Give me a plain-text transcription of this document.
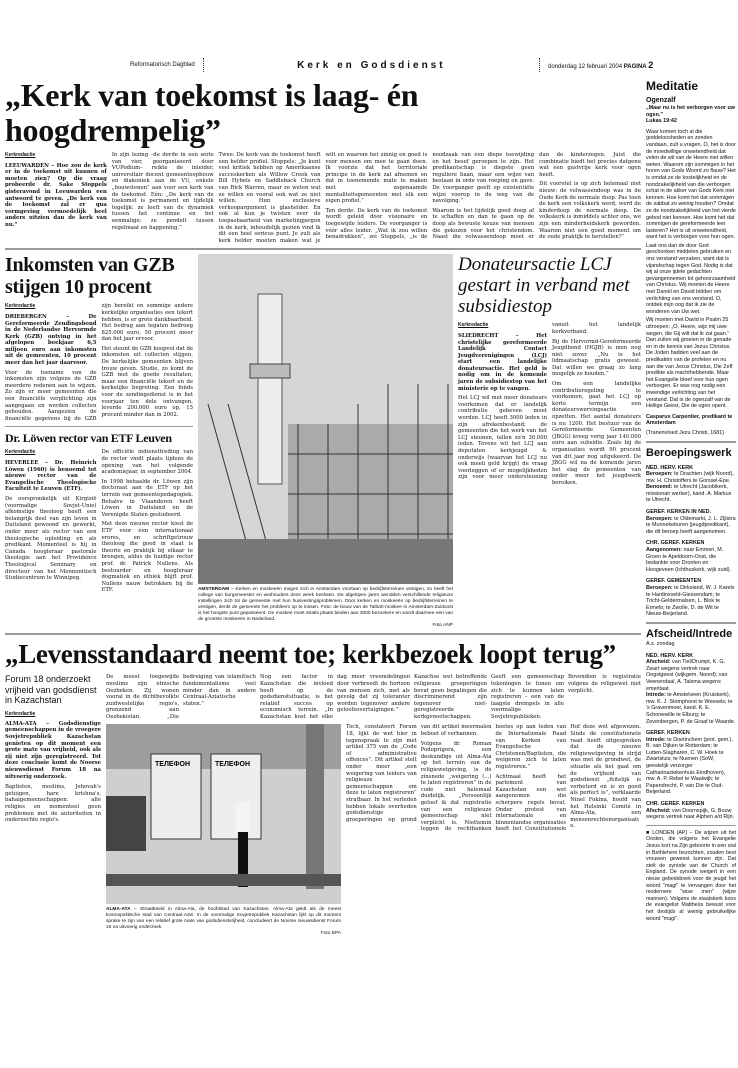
Reformatorisch Dagblad	Kerk en Godsdienst	donderdag 12 februari 2004 PAGINA 2
„Kerk van toekomst is laag- én hoogdrempelig”
Kerkredactie

LEEUWARDEN – Hoe zou de kerk er in de toekomst uit kunnen of moeten zien? Op die vraag probeerde dr. Sake Stoppels gisteravond in Leeuwarden een antwoord te geven. „De kerk van de toekomst zal er qua vormgeving vermoedelijk heel anders uitzien dan de kerk van nu.”

In zijn lezing –de derde in een serie van vier, georganiseerd door VUPodium– reikte de inleider, universitair docent gemeenteopbouw en diakoniek aan de VU, enkele „bouwstenen” aan voor een kerk van de toekomst. Eén: „De kerk van de toekomst is permanent en tijdelijk tegelijk: ze leeft van de dynamiek tussen het continue en het eenmalige; ze pendelt tussen regelmaat en happening.”

Twee: De kerk van de toekomst heeft een helder profiel. Stoppels: „Je kunt veel kritiek hebben op Amerikaanse succeskerken als Willow Creek van Bill Hybels en Saddleback Church van Rick Warren, maar ze weten wat ze willen en vooral ook wat ze niet willen. Hun exclusieve verkoopargument is glashelder. En ook al kun je twisten over de toepasbaarheid van marketingjargon in de kerk, inhoudelijk gezien vind ik dit een heel serieus punt. Je zult als kerk helder moeten maken wat je wilt en waarom het zinnig en goed is voor mensen om mee te gaan doen. Ik voorzie dat het territoriale principe in de kerk zal afnemen en dat in toenemende mate te maken met zogenaamde mentaliteitsgemeenten met elk een eigen profiel.”

Ten derde: De kerk van de toekomst wordt geleid door visionaire en toegewijde leiders. De voorganger is vóór alles leider. „Wat ik zou willen benadrukken”, zei Stoppels, „is de noodzaak van een diepe toewijding en het besef geroepen te zijn. Het predikantschap is diepste geen reguliere baan, maar een wijze van bestaan in orde van roeping en gave. De voorganger geeft op existentiële wijze voorop in de weg van de navolging.”

Waarom is het tijdelijk goed doop af te schaffen en dan te gaan op de doop als bewuste keuze van mensen die gekozen voor het christendom. Naast die volwassendoop moet er dan de kinderzegen. Juist die combinatie biedt het precies datgene wat een gastvrije kerk voor ogen heeft.

Dit voorstel is op zich helemaal niet nieuw: de volwassendoop was in de Oude Kerk de normale doop. Pas toen de kerk een volkskerk werd, werd de kinderdoop de normale doop. De volkskerk is inmiddels achter ons, we zijn een minderheidskerk geworden. Waarom niet een goed moment om de oude praktijk te herstellen?”

Inkomsten van GZB stijgen 10 procent
Kerkredactie

DRIEBERGEN – De Gereformeerde Zendingsbond in de Nederlandse Hervormde Kerk (GZB) ontving in het afgelopen boekjaar 6,5 miljoen euro aan inkomsten uit de gemeenten, 10 procent meer dan het jaar daarvoor.

Voor de toename van de inkomsten zijn volgens de GZB meerdere redenen aan te wijzen. Zo zijn er meer gemeenten die een financiële verplichting zijn aangegaan en werden collecten gehouden. Aangezien de financiële gegevens bij de GZB zijn bereikt en sommige andere kerkelijke organisaties een tekort hebben, is er grote dankbaarheid. Het bedrag aan legaten bedroeg 825.000 euro, 50 procent meer dan het jaar ervoor.

Het steunt de GZB hoopvol dat de inkomsten uit collecten stijgen. De kerkelijke gemeenten blijven trouw geven. Studie, zo komt de GZB met de goede resultaten, maar een financiële tekort en de kerkelijke begroting. Een fonds voor de zendingsdienst is in het voorjaar ten dele ontvangen, leverde 200.000 euro op, 15 procent minder dan in 2002.

Dr. Löwen rector van ETF Leuven
Kerkredactie

HEVERLEE – Dr. Heinrich Löwen (1960) is benoemd tot nieuwe rector van de Evangelische Theologische Faculteit te Leuven (ETF).

De oorspronkelijk uit Kirgizië (voormalige Sovjet-Unie) afkomstige theoloog heeft een belangrijk deel van zijn leven in Duitsland gewoond en gewerkt, onder meer als rector van een theologische opleiding en als predikant. Momenteel is hij in Canada hoogleraar pastorale theologie aan het Providence Theological Seminary en directeur van het Mennonitisch Studiecentrum te Winnipeg.

De officiële indiensttreding van de rector vindt plaats tijdens de opening van het volgende academiejaar, in september 2004.

In 1998 behaalde dr. Löwen zijn doctoraat aan de ETF op het terrein van gemeentepedagogiek. Behalve in Vlaanderen heeft Löwen in Duitsland en de Verenigde Staten gestudeerd.

Met deze nieuwe rector kiest de ETF voor een internationaal erores, en schriftgetrouw theoloog die goed in staat is theorie en praktijk bij elkaar te brengen, aldus de huidige rector prof. dr. Patrick Nullens. Als bestuurder en hoogleraar dogmatiek en ethiek blijft prof. Nullens nauw betrokken bij de ETF.	AMSTERDAM – Kerken en moskeeën mogen zich in Amsterdam voortaan op bedrijfsterreinen vestigen, zo heeft het college van burgemeester en wethouders deze week besloten. De afgelopen jaren wendden verschillende religieuze instellingen zich tot de gemeente met hun huisvestingsproblemen. Door kerken en moskeeën op bedrijfsterreinen te vestigen, denkt de gemeente het probleem op te lossen. Foto: de bouw van de Taibah-moskee in Amsterdam-Zuidoost is het hoogste punt gepasseerd. De moskee moet straks plaats bieden aan 3000 bezoekers en wordt daarmee een van de grootste moskeeën in Nederland.
Foto ANP
Donateursactie LCJ gestart in verband met subsidiestop
Kerkredactie

SLIEDRECHT – Het christelijke gereformeerde Landelijk Contact Jeugdverenigingen (LCJ) start een landelijke donateursactie. Het geld is nodig om in de komende jaren de subsidiestop van het ministerie op te vangen.

Het LCJ wil met meer donateurs voorkomen dat er landelijk contributie gebeven moet worden. LCJ heeft 3000 leden in zijn afrekenbestand; de gemeenten die het werk van het LCJ steunen, tellen zo'n 30.000 leden. Tevens wil het LCJ aan deputaten kerkjeugd & onderwijs (waarvan het LCJ nu ook meeli geld krijgt) de vraag voorleggen of er mogelijkheden zijn voor meer ondersteuning vanuit het landelijk kerkverband.

Bij de Hervormd-Gereformeerde Jeugdbond (HGJB) is men nog niet zover. „Nu is het lidmaatschap gratis geweest. Dat willen we graag zo lang mogelijk zo houden.”

Om een landelijke contributieregeling te voorkomen, gaat het LCJ op korte termijn een donateurswervingsactie opzetten. Het aantal donateurs is nu 1200. Het bestuur van de Gereformeerde Gemeenten (JBGG) kreeg vorig jaar 140.000 euro aan subsidie. Zoals bij de organisaties wordt 90 procent van dit jaar nog uitgekeerd. De JBGG wil na de komende jaren het slag de gemeenten van onder meer het jeugdwerk bereiken.

„Levensstandaard neemt toe; kerkbezoek loopt terug”
Forum 18 onderzoekt vrijheid van godsdienst in Kazachstan
Kerkredactie

ALMA-ATA – Godsdienstige gemeenschappen in de vroegere Sovjetrepubliek Kazachstan genieten op dit moment een grote mate van vrijheid, ook als zij niet zijn geregistreerd. Tot deze conclusie komt de Noorse nieuwsdienst Forum 18 na uitvoerig onderzoek.

Baptisten, moslims, Jehovah's getuigen, hare krishna's, bahaigemeenschappen: alle religies en momenteel geen problemen met de autoriteiten in onderzochte regio's.

De meest toegewijde moslims zijn etnische Oezbeken. Zij wonen vooral in de dichtbevolkte zuidwestelijke regio's, grenzend aan Oezbekistan. „Die bedreiging van islamitisch fundamentalisme veel minder dan in andere Centraal-Aziatische staten.”

Nog een factor in Kazachstan die invloed heeft op de godsdienstsituatie, is het relatief succes op economisch terrein. „In Kazachstan kost het elke dag meer vreemdelingen door verbreedt de horizon van mensen zich, met als gevolg dat zij toleranter worden tegenover andere geloofsovertuigingen.”

Kazachse wet betreffende religieuze groeperingen bevat geen bepalingen die discriminerend zijn tegenover niet-geregistreerde kerkgenootschappen. Geeft een gemeenschap tekeningen te tonen om zich te kunnen laten registreren – een van de laagste drempels in alle voormalige Sovjetrepublieken. Bovendien is registratie volgens de religiewet niet verplicht.

ТЕЛЕФОН	ТЕЛЕФОН
ALMA-ATA – Straatbeeld in Alma-Ata, de hoofdstad van Kazachstan. Alma-Ata geldt als de meest kosmopolitische stad van Centraal-Azië. In de voormalige Sovjetrepubliek Kazachstan lijkt op dit moment sprake te zijn van een relatief grote mate van godsdienstvrijheid, concludeert de Noorse nieuwsdienst Forum 18 na uitvoerig onderzoek.
Foto EPA

Toch, constateert Forum 18, lijkt de wet hier in tegenspraak te zijn met artikel 375 van de „Code of administrative offences”. Dit artikel stelt onder meer „een weigering van leiders van religieuze gemeenschappen om deze te laten registreren” strafbaar. In het verleden hebben lokale overheden godsdienstige groeperingen op grond van dit artikel meermalen beboet of verbannen.

Volgens dr. Roman Podoprigora, een deskundige uit Alma-Ata op het terrein van de religiewetgeving, is de zinsnede „weigering (...) te laten registreren” in de code niet helemaal duidelijk. „Persoonlijk geloof ik dat registratie van een religieuze gemeenschap niet verplicht is. Niettemin leggen de rechtbanken boetes op aan leden van de Internationale Raad van Kerken van Evangelische Christenen/Baptisten, die weigeren zich te laten registreren.”

Achtmaal heeft het parlement van Kazachstan een wet aangenomen die scherpere regels bevat. Onder protest van internationale en binnenlandse organisaties heeft het Constitutionele Hof deze wet afgewezen. Sinds de constitutionele raad heeft uitgesproken dat de nieuwe religiewetgeving in strijd was met de grondwet, de situatie als het gaat om de vrijheid van godsdienst „feitelijk is verbeterd en is zo goed als perfect is”, verklaarde Ninel Fokina, hoofd van het Helsinki Comité in Alma-Ata, een mensenrechtenorganisatie.

Meditatie
Ogenzalf
„Maar nu is het verborgen voor uw ogen.”
Lukas 19:42

Waar komen toch al die goddeloosheden en zonden vandaan, zult u vragen. O, het is door de moedwillige onwetendheid dat velen de wil van de Heere niet willen weten. Waarom zijn sommigen in het horen van Gods Woord zo flauw? Het is omdat ze de kostelijkheid en de noodzakelijkheid van die verborgen schat in de akker van Gods Kerk niet kennen. Hoe komt het dat sommigen de sabbat zo weinig houden? Omdat ze de noodzakelijkheid van het vierde gebod niet kennen. Hoe komt het dat sommigen de gereformeerde leer lasteren? Het is uit onwetendheid, want het is verborgen voor hun ogen.

Laat ons dan de door God geschonken middelen gebruiken en ons verstand verzaken, want dat is vijandschap tegen God. Nodig is dat wij al onze ijdele gedachten gevangennemen tot gehoorzaamheid van Christus. Wij moeten de Heere met Daniël en David bidden om verlichting van ons verstand. O, ontdek mijn oog dat ik zie de wonderen van Uw wet.

Wij moeten met David in Psalm 25 uitroepen: „O, Heere, wijs mij uwe wegen, die Gij wilt dat ik zal gaan.” Dan zullen wij groeien in de genade en in de kennis van Jezus Christus. De Joden hadden veel aan de predikatiën van de profeten en nu aan die van Jezus Christus, Die Zelf predikte als machthebbende. Maar het Evangelie bleef voor hun ogen verborgen. Er was nog nodig een inwendige verlichting van het verstand. Dat is de ogenzalf van de Heilige Geest, Die de ogen opent.

Casparus Carpentier, predikant te Amsterdam

(Tranenvloed Jezu Christi, 1681)

Beroepingswerk
NED. HERV. KERK
Beroepen: te Drachten (wijk Noord), mw. H. Christoffers te Gorssel-Epe.
Benoemd: te Utrecht (Jacobikerk, missionair werker), kand. A. Markus te Utrecht.
GEREF. KERKEN IN NED.
Beroepen: te Oldemarkt, J. L. Zijlstra te Munnekeburen (jeugdpredikant), die dit beroep heeft aangenomen.
CHR. GEREF. KERKEN
Aangenomen: naar Emmen, M. Groen te Apeldoorn-Oost, die bedankte voor Dronten en Hoogeveen (Ichthuskerk, wijk zuid).
GEREF. GEMEENTEN
Beroepen: te Dirksland, W. J. Karels te Hardinxveld-Giessendam; te Tricht-Geldermalsen, L. Blok te Ermelo; te Zwolle, D. de Wit te Nieuw-Beijerland.
Afscheid/Intrede
A.s. zondag
NED. HERV. KERK
Afscheid: van Tiel/Drumpt, K. G. Zwart wegens vertrek naar Oegstgeest (wijkgem. Noord); van Veenendaal, A. Talsma wegens emeritaat.
Intrede: te Amstelveen (Kruiskerk), mw. K. J. Stomphorst te Weesels; te 's Gravenmoer, kand. K. E. Schonewille te Elburg; te Zevenbergen, P. de Graaf te Waarde.
GEREF. KERKEN
Intrede: te Doetinchem (prot. gem.), B. van Dijken te Rotterdam; te Lutten-Slagharen, C. W. Hoek te Zwartsluis; te Nuenen (SoW, geestelijk verzorger Catharinaziekenhuis Eindhoven), mw. A. P. Rebel te Waalwijk; te Papendrecht, P. van Die te Oud-Beijerland.
CHR. GEREF. KERKEN
Afscheid: van Doornspijk, G. Bouw wegens vertrek naar Alphen a/d Rijn.
■ LONDEN (AP) – De wijzen uit het Oosten, die volgens het Evangelie Jezus kort na Zijn geboorte in een stal in Bethlehem bezochten, zouden best vrouwen geweest kunnen zijn. Dat stelt de synode van de Church of England. De synode weigert in een nieuw gebedsboek voor de jeugd het woord "magi" te vervangen door het modernere "wise men" (wijze mannen). Volgens de staatskerk koos de evangelist Mattheüs bewust voor het destijds al weinig gebruikelijke woord "magi".
